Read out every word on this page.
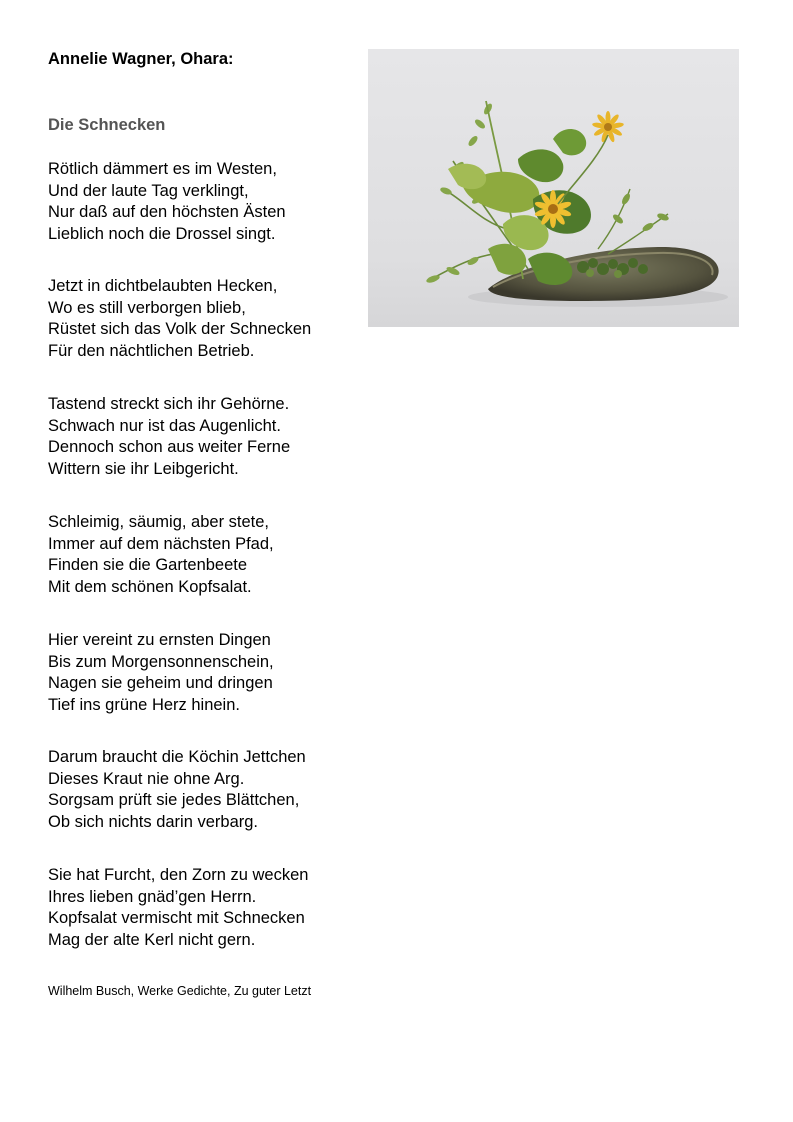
Annelie Wagner, Ohara:
Die Schnecken
Rötlich dämmert es im Westen,
Und der laute Tag verklingt,
Nur daß auf den höchsten Ästen
Lieblich noch die Drossel singt.
Jetzt in dichtbelaubten Hecken,
Wo es still verborgen blieb,
Rüstet sich das Volk der Schnecken
Für den nächtlichen Betrieb.
Tastend streckt sich ihr Gehörne.
Schwach nur ist das Augenlicht.
Dennoch schon aus weiter Ferne
Wittern sie ihr Leibgericht.
Schleimig, säumig, aber stete,
Immer auf dem nächsten Pfad,
Finden sie die Gartenbeete
Mit dem schönen Kopfsalat.
Hier vereint zu ernsten Dingen
Bis zum Morgensonnenschein,
Nagen sie geheim und dringen
Tief ins grüne Herz hinein.
Darum braucht die Köchin Jettchen
Dieses Kraut nie ohne Arg.
Sorgsam prüft sie jedes Blättchen,
Ob sich nichts darin verbarg.
Sie hat Furcht, den Zorn zu wecken
Ihres lieben gnäd’gen Herrn.
Kopfsalat vermischt mit Schnecken
Mag der alte Kerl nicht gern.

Wilhelm Busch, Werke Gedichte, Zu guter Letzt
